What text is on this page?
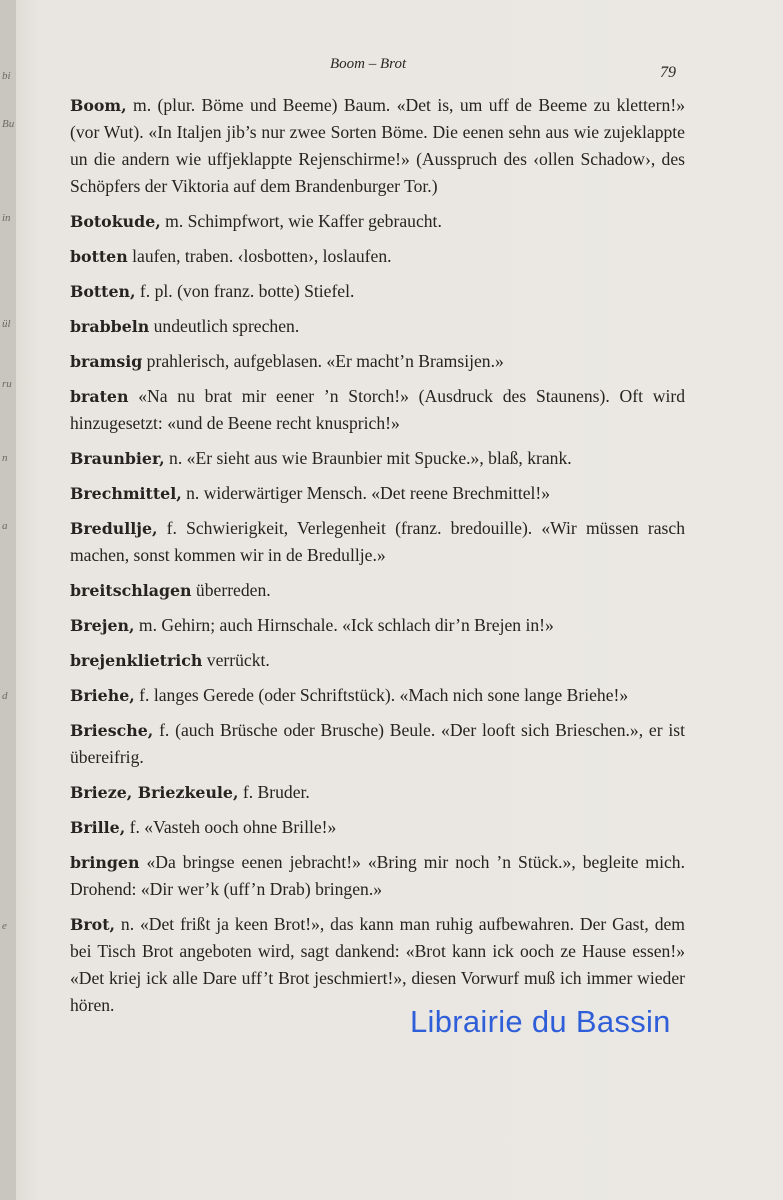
bi
Bu
in
ül
ru
n
a
d
e
Boom – Brot	79

Boom, m. (plur. Böme und Beeme) Baum. «Det is, um uff de Beeme zu klettern!» (vor Wut). «In Italjen jib’s nur zwee Sorten Böme. Die eenen sehn aus wie zujeklappte un die andern wie uffjeklappte Rejenschirme!» (Ausspruch des ‹ollen Schadow›, des Schöpfers der Viktoria auf dem Brandenburger Tor.)

Botokude, m. Schimpfwort, wie Kaffer gebraucht.

botten laufen, traben. ‹losbotten›, loslaufen.

Botten, f. pl. (von franz. botte) Stiefel.

brabbeln undeutlich sprechen.

bramsig prahlerisch, aufgeblasen. «Er macht’n Bramsijen.»

braten «Na nu brat mir eener ’n Storch!» (Ausdruck des Staunens). Oft wird hinzugesetzt: «und de Beene recht knusprich!»

Braunbier, n. «Er sieht aus wie Braunbier mit Spucke.», blaß, krank.

Brechmittel, n. widerwärtiger Mensch. «Det reene Brechmittel!»

Bredullje, f. Schwierigkeit, Verlegenheit (franz. bredouille). «Wir müssen rasch machen, sonst kommen wir in de Bredullje.»

breitschlagen überreden.

Brejen, m. Gehirn; auch Hirnschale. «Ick schlach dir’n Brejen in!»

brejenklietrich verrückt.

Briehe, f. langes Gerede (oder Schriftstück). «Mach nich sone lange Briehe!»

Briesche, f. (auch Brüsche oder Brusche) Beule. «Der looft sich Brieschen.», er ist übereifrig.

Brieze, Briezkeule, f. Bruder.

Brille, f. «Vasteh ooch ohne Brille!»

bringen «Da bringse eenen jebracht!» «Bring mir noch ’n Stück.», begleite mich. Drohend: «Dir wer’k (uff’n Drab) bringen.»

Brot, n. «Det frißt ja keen Brot!», das kann man ruhig aufbewahren. Der Gast, dem bei Tisch Brot angeboten wird, sagt dankend: «Brot kann ick ooch ze Hause essen!» «Det kriej ick alle Dare uff’t Brot jeschmiert!», diesen Vorwurf muß ich immer wieder hören.	Librairie du Bassin
